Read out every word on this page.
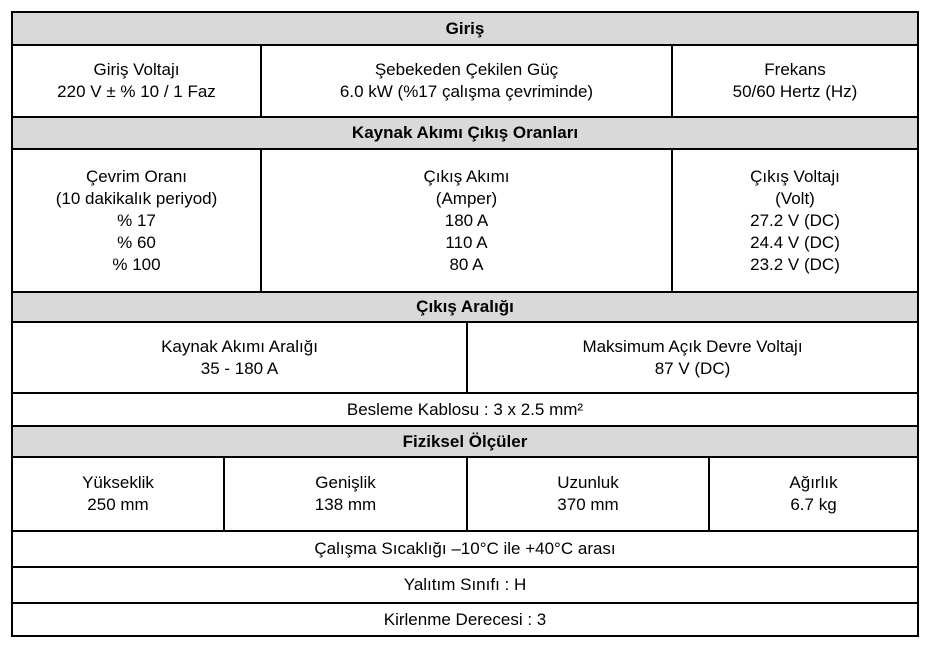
Giriş
Giriş Voltajı
220 V ± % 10 / 1 Faz
Şebekeden Çekilen Güç
6.0 kW (%17 çalışma çevriminde)
Frekans
50/60 Hertz (Hz)
Kaynak Akımı Çıkış Oranları
Çevrim Oranı
(10 dakikalık periyod)
% 17
% 60
% 100
Çıkış Akımı
(Amper)
180 A
110 A
80 A
Çıkış Voltajı
(Volt)
27.2 V (DC)
24.4 V (DC)
23.2 V (DC)
Çıkış Aralığı
Kaynak Akımı Aralığı
35 - 180 A
Maksimum Açık Devre Voltajı
87 V (DC)
Besleme Kablosu : 3 x 2.5 mm²
Fiziksel Ölçüler
Yükseklik
250 mm
Genişlik
138 mm
Uzunluk
370 mm
Ağırlık
6.7 kg
Çalışma Sıcaklığı –10°C ile +40°C arası
Yalıtım Sınıfı : H
Kirlenme Derecesi : 3
